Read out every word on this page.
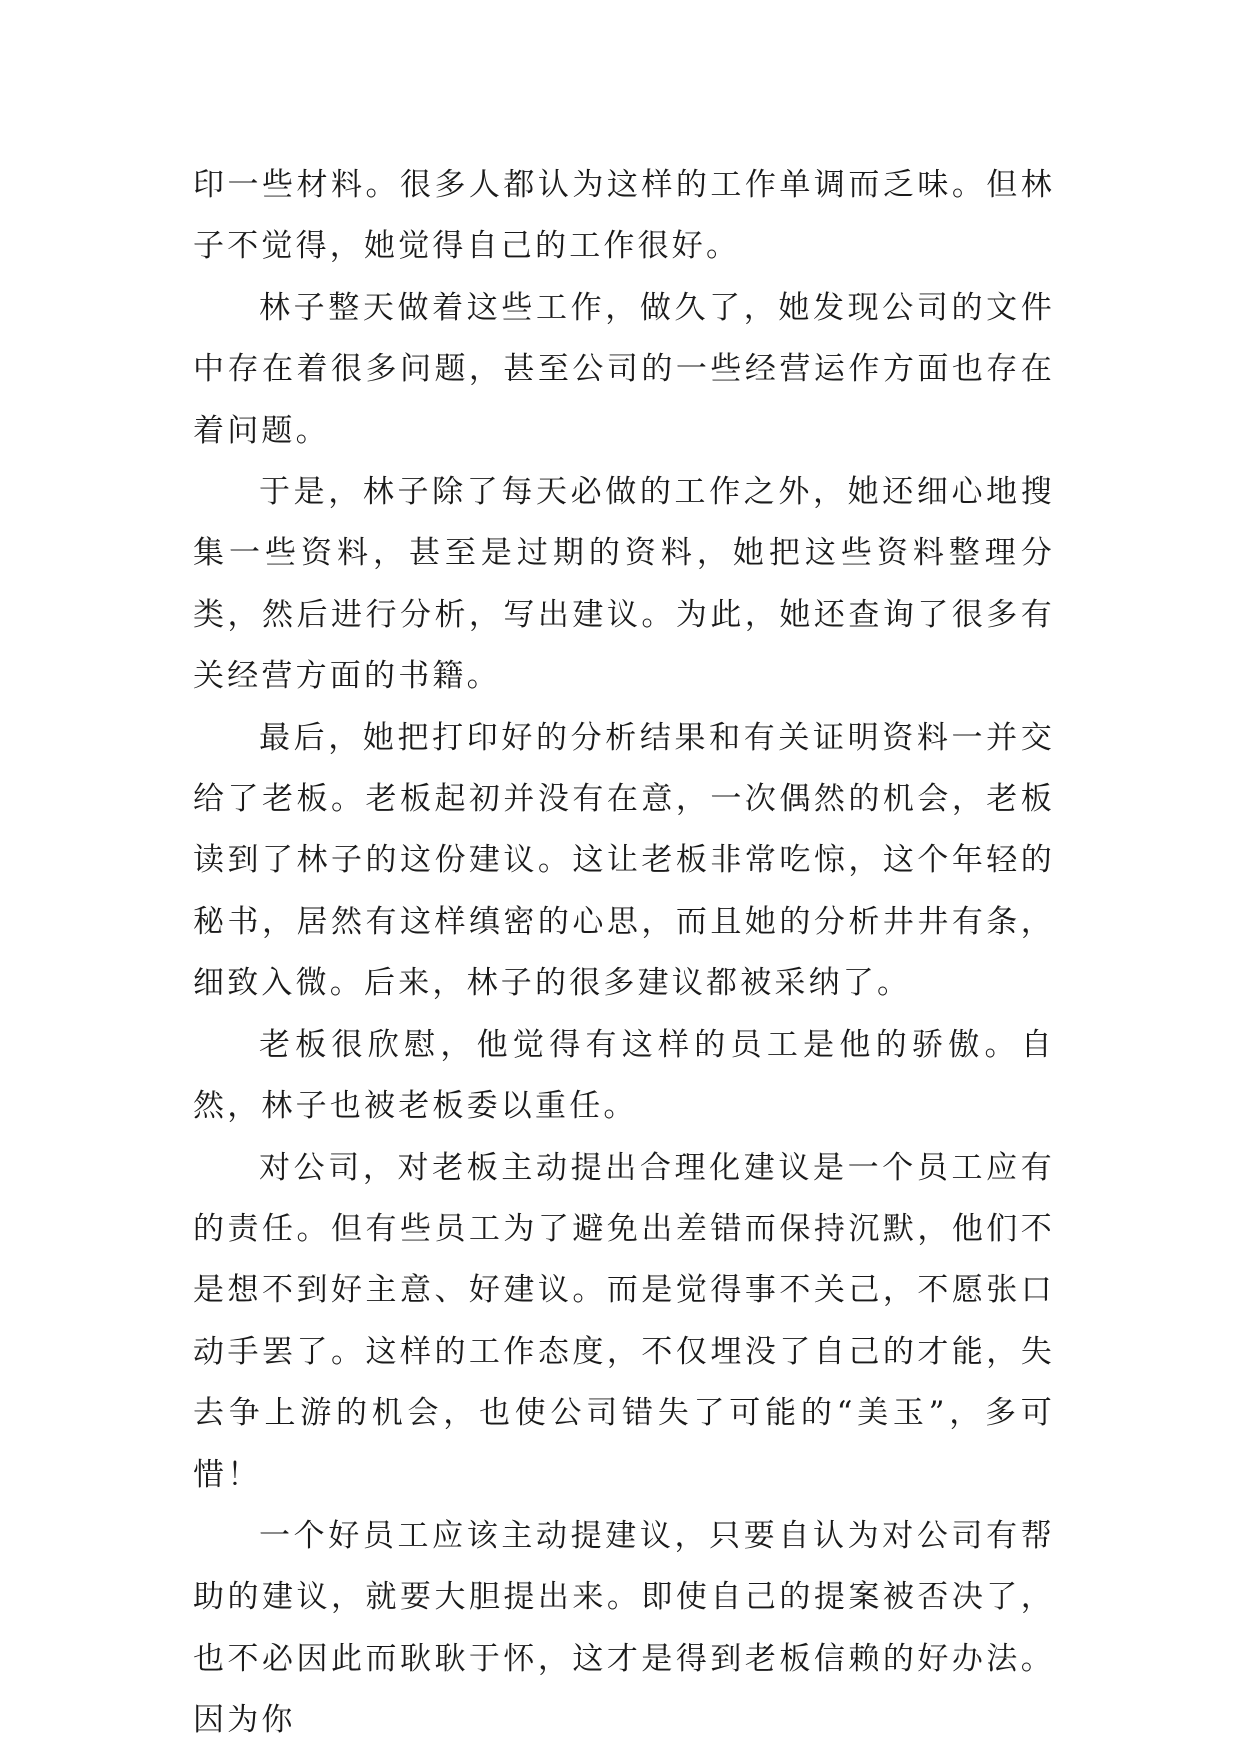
印一些材料。很多人都认为这样的工作单调而乏味。但林子不觉得，她觉得自己的工作很好。

林子整天做着这些工作，做久了，她发现公司的文件中存在着很多问题，甚至公司的一些经营运作方面也存在着问题。

于是，林子除了每天必做的工作之外，她还细心地搜集一些资料，甚至是过期的资料，她把这些资料整理分类，然后进行分析，写出建议。为此，她还查询了很多有关经营方面的书籍。

最后，她把打印好的分析结果和有关证明资料一并交给了老板。老板起初并没有在意，一次偶然的机会，老板读到了林子的这份建议。这让老板非常吃惊，这个年轻的秘书，居然有这样缜密的心思，而且她的分析井井有条，细致入微。后来，林子的很多建议都被采纳了。

老板很欣慰，他觉得有这样的员工是他的骄傲。自然，林子也被老板委以重任。

对公司，对老板主动提出合理化建议是一个员工应有的责任。但有些员工为了避免出差错而保持沉默，他们不是想不到好主意、好建议。而是觉得事不关己，不愿张口动手罢了。这样的工作态度，不仅埋没了自己的才能，失去争上游的机会，也使公司错失了可能的“美玉”，多可惜！

一个好员工应该主动提建议，只要自认为对公司有帮助的建议，就要大胆提出来。即使自己的提案被否决了，也不必因此而耿耿于怀，这才是得到老板信赖的好办法。因为你
